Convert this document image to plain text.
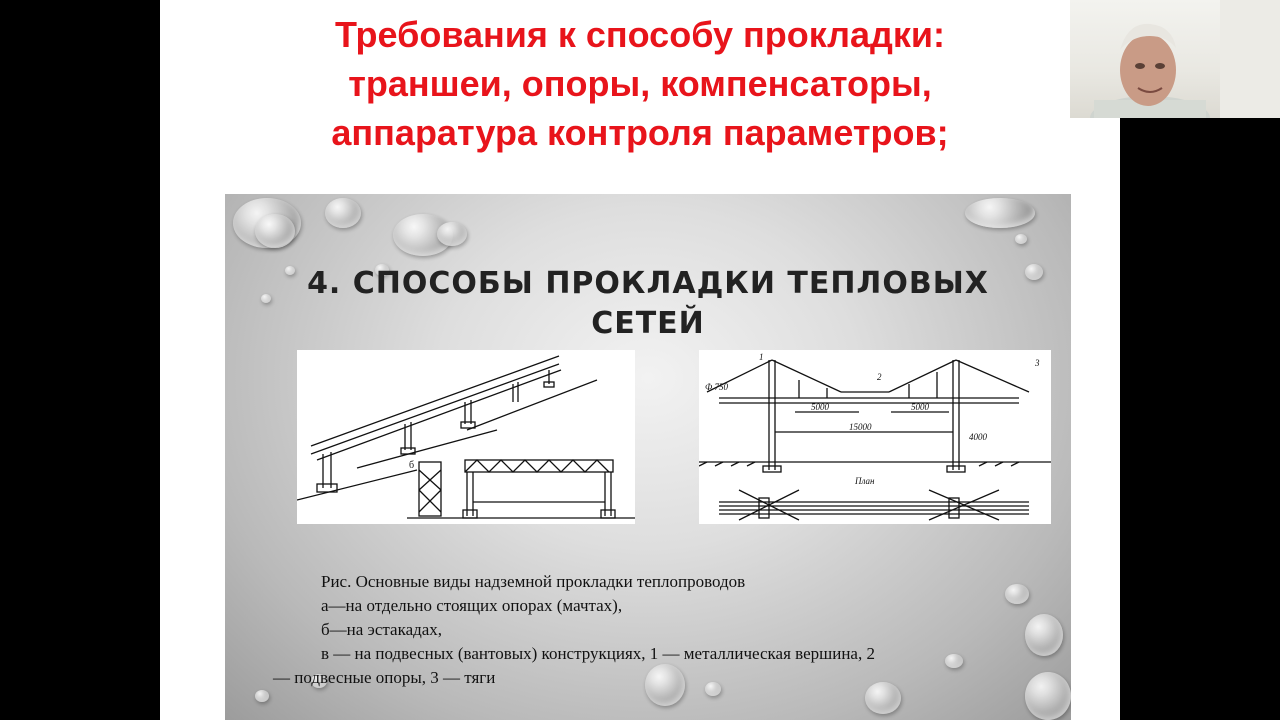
Требования к способу прокладки:
траншеи, опоры, компенсаторы,
аппаратура контроля параметров;
4. СПОСОБЫ ПРОКЛАДКИ ТЕПЛОВЫХ
СЕТЕЙ
б
5000	5000
15000
Ф 750
4000
План
1
2
3
Рис. Основные виды надземной прокладки теплопроводов
а—на отдельно стоящих опорах (мачтах),
б—на эстакадах,
в — на подвесных (вантовых) конструкциях, 1 — металлическая вершина, 2
— подвесные опоры, 3 — тяги
